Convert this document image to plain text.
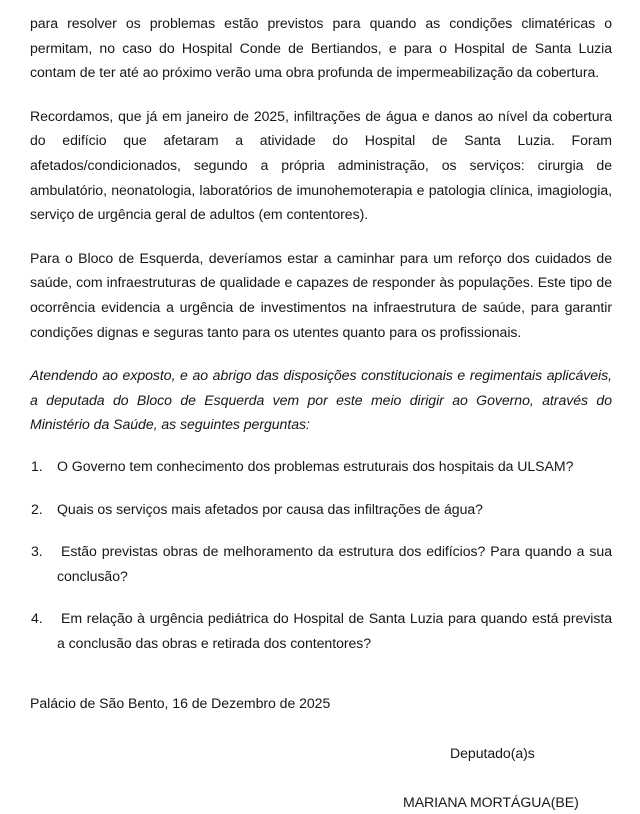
para resolver os problemas estão previstos para quando as condições climatéricas o permitam, no caso do Hospital Conde de Bertiandos, e para o Hospital de Santa Luzia contam de ter até ao próximo verão uma obra profunda de impermeabilização da cobertura.

Recordamos, que já em janeiro de 2025, infiltrações de água e danos ao nível da cobertura do edifício que afetaram a atividade do Hospital de Santa Luzia. Foram afetados/condicionados, segundo a própria administração, os serviços: cirurgia de ambulatório, neonatologia, laboratórios de imunohemoterapia e patologia clínica, imagiologia, serviço de urgência geral de adultos (em contentores).

Para o Bloco de Esquerda, deveríamos estar a caminhar para um reforço dos cuidados de saúde, com infraestruturas de qualidade e capazes de responder às populações. Este tipo de ocorrência evidencia a urgência de investimentos na infraestrutura de saúde, para garantir condições dignas e seguras tanto para os utentes quanto para os profissionais.

Atendendo ao exposto, e ao abrigo das disposições constitucionais e regimentais aplicáveis, a deputada do Bloco de Esquerda vem por este meio dirigir ao Governo, através do Ministério da Saúde, as seguintes perguntas:

1.	O Governo tem conhecimento dos problemas estruturais dos hospitais da ULSAM?
2.	Quais os serviços mais afetados por causa das infiltrações de água?
3.	Estão previstas obras de melhoramento da estrutura dos edifícios? Para quando a sua conclusão?
4.	Em relação à urgência pediátrica do Hospital de Santa Luzia para quando está prevista a conclusão das obras e retirada dos contentores?

Palácio de São Bento, 16 de Dezembro de 2025

Deputado(a)s

MARIANA MORTÁGUA(BE)
